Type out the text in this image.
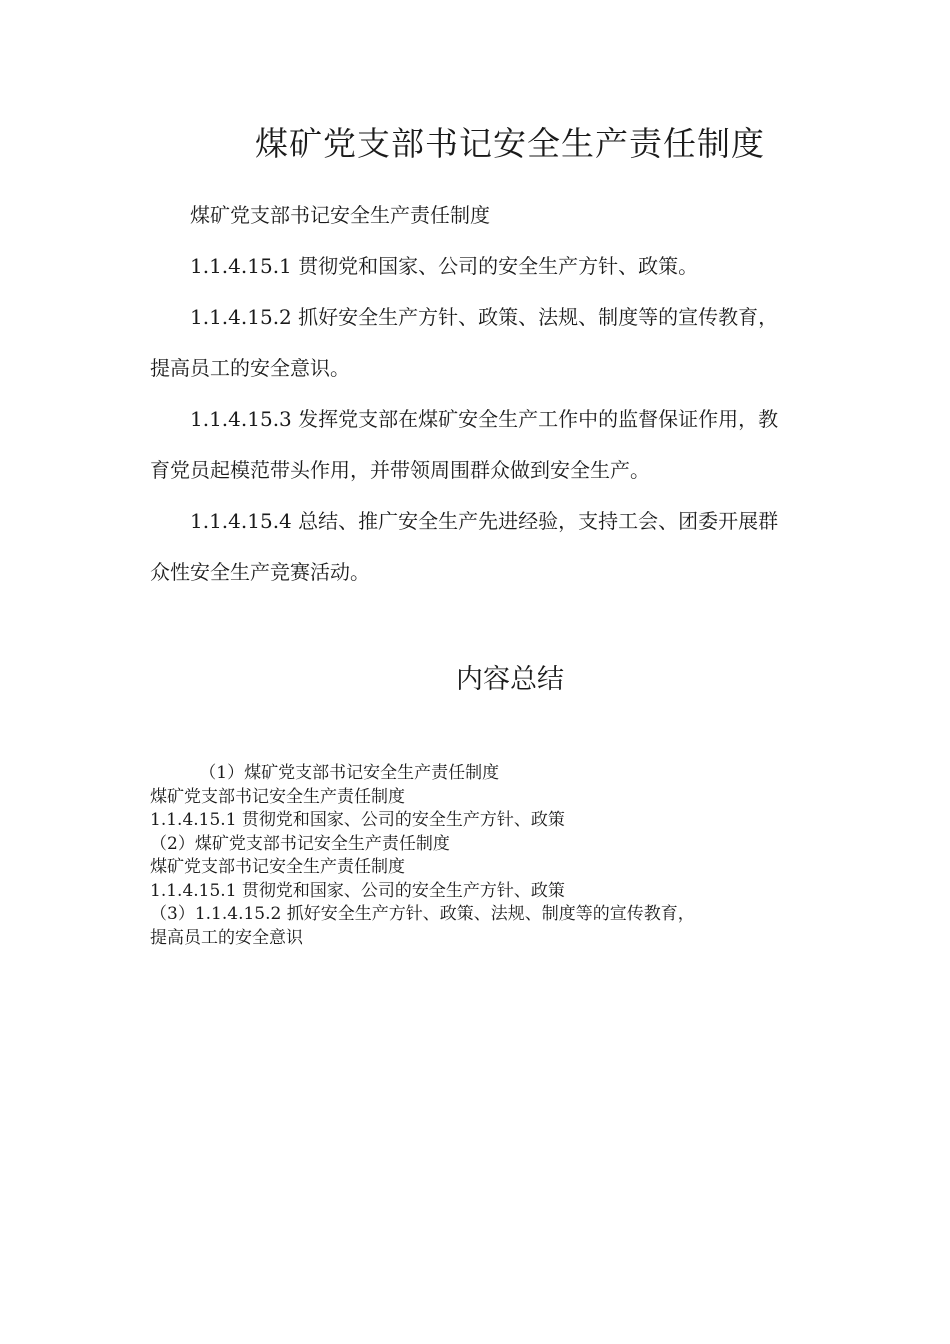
煤矿党支部书记安全生产责任制度

煤矿党支部书记安全生产责任制度

1.1.4.15.1 贯彻党和国家、公司的安全生产方针、政策。

1.1.4.15.2 抓好安全生产方针、政策、法规、制度等的宣传教育，提高员工的安全意识。

1.1.4.15.3 发挥党支部在煤矿安全生产工作中的监督保证作用，教育党员起模范带头作用，并带领周围群众做到安全生产。

1.1.4.15.4 总结、推广安全生产先进经验，支持工会、团委开展群众性安全生产竞赛活动。

内容总结
（1）煤矿党支部书记安全生产责任制度
煤矿党支部书记安全生产责任制度
1.1.4.15.1 贯彻党和国家、公司的安全生产方针、政策
（2）煤矿党支部书记安全生产责任制度
煤矿党支部书记安全生产责任制度
1.1.4.15.1 贯彻党和国家、公司的安全生产方针、政策
（3）1.1.4.15.2 抓好安全生产方针、政策、法规、制度等的宣传教育，
提高员工的安全意识
